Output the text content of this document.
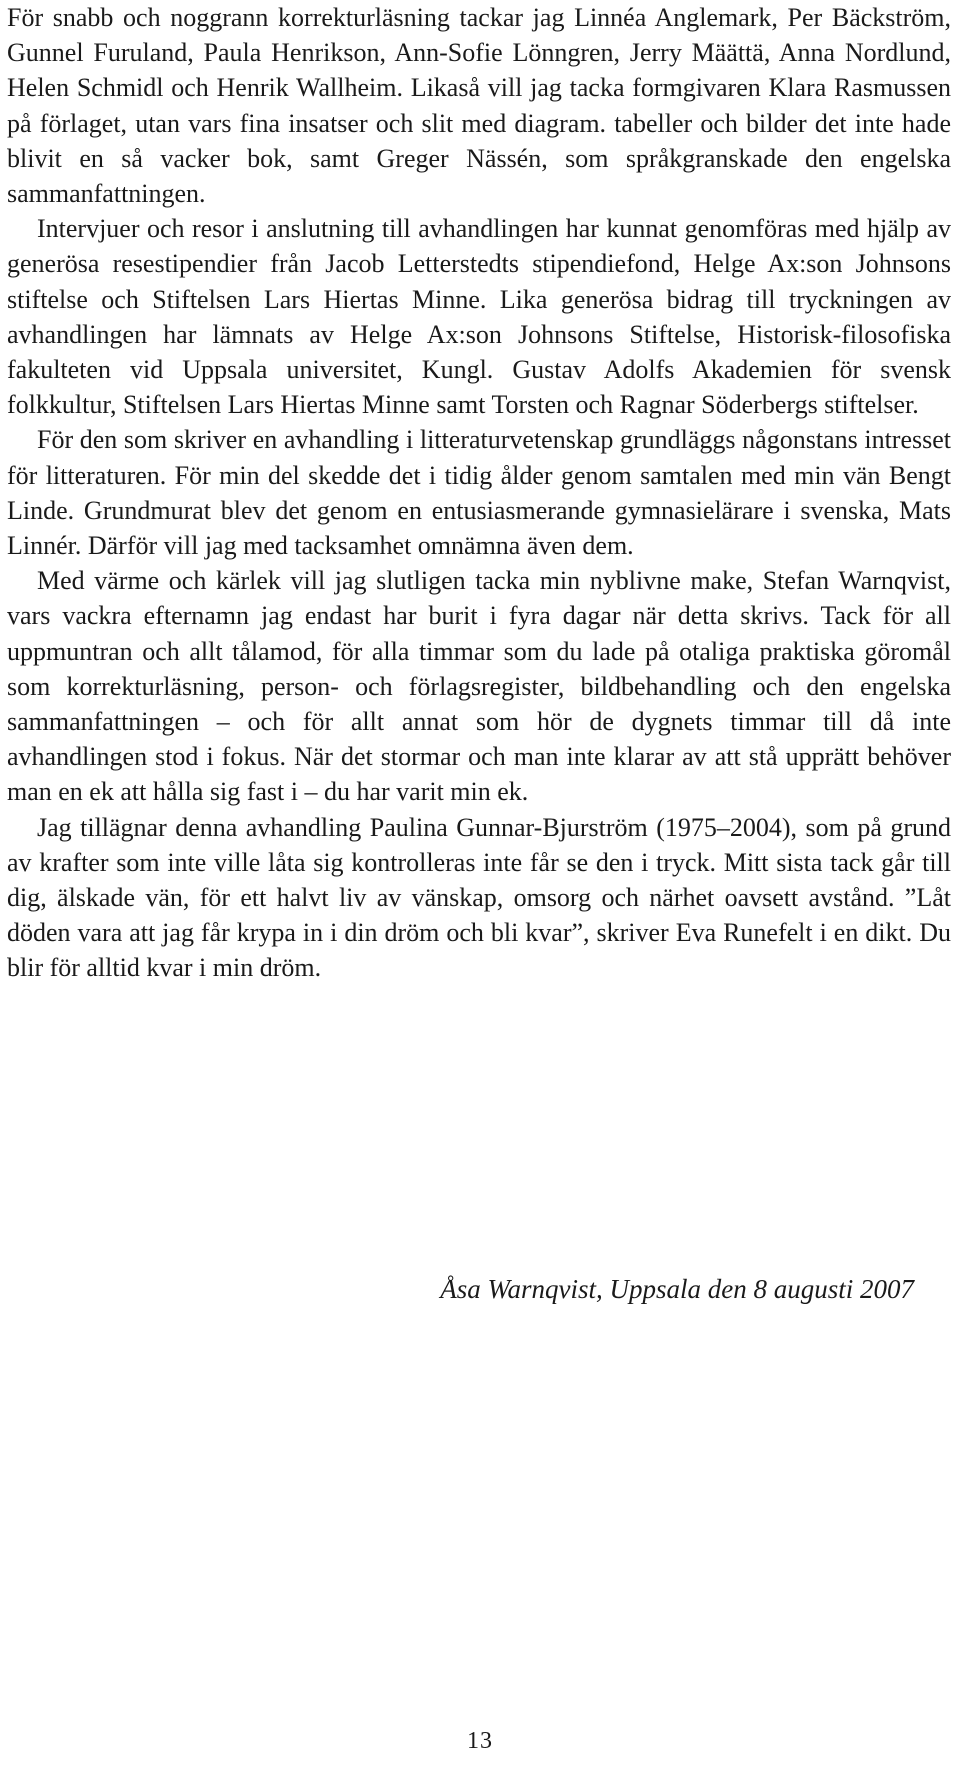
För snabb och noggrann korrekturläsning tackar jag Linnéa Anglemark, Per Bäckström, Gunnel Furuland, Paula Henrikson, Ann-Sofie Lönngren, Jerry Määttä, Anna Nordlund, Helen Schmidl och Henrik Wallheim. Likaså vill jag tacka formgivaren Klara Rasmussen på förlaget, utan vars fina insatser och slit med diagram. tabeller och bilder det inte hade blivit en så vacker bok, samt Greger Nässén, som språkgranskade den engelska sammanfattningen.

Intervjuer och resor i anslutning till avhandlingen har kunnat genomföras med hjälp av generösa resestipendier från Jacob Letterstedts stipendiefond, Helge Ax:son Johnsons stiftelse och Stiftelsen Lars Hiertas Minne. Lika generösa bidrag till tryckningen av avhandlingen har lämnats av Helge Ax:son Johnsons Stiftelse, Historisk-filosofiska fakulteten vid Uppsala universitet, Kungl. Gustav Adolfs Akademien för svensk folkkultur, Stiftelsen Lars Hiertas Minne samt Torsten och Ragnar Söderbergs stiftelser.

För den som skriver en avhandling i litteraturvetenskap grundläggs någonstans intresset för litteraturen. För min del skedde det i tidig ålder genom samtalen med min vän Bengt Linde. Grundmurat blev det genom en entusiasmerande gymnasielärare i svenska, Mats Linnér. Därför vill jag med tacksamhet omnämna även dem.

Med värme och kärlek vill jag slutligen tacka min nyblivne make, Stefan Warnqvist, vars vackra efternamn jag endast har burit i fyra dagar när detta skrivs. Tack för all uppmuntran och allt tålamod, för alla timmar som du lade på otaliga praktiska göromål som korrekturläsning, person- och förlagsregister, bildbehandling och den engelska sammanfattningen – och för allt annat som hör de dygnets timmar till då inte avhandlingen stod i fokus. När det stormar och man inte klarar av att stå upprätt behöver man en ek att hålla sig fast i – du har varit min ek.

Jag tillägnar denna avhandling Paulina Gunnar-Bjurström (1975–2004), som på grund av krafter som inte ville låta sig kontrolleras inte får se den i tryck. Mitt sista tack går till dig, älskade vän, för ett halvt liv av vänskap, omsorg och närhet oavsett avstånd. ”Låt döden vara att jag får krypa in i din dröm och bli kvar”, skriver Eva Runefelt i en dikt. Du blir för alltid kvar i min dröm.

Åsa Warnqvist, Uppsala den 8 augusti 2007
13
